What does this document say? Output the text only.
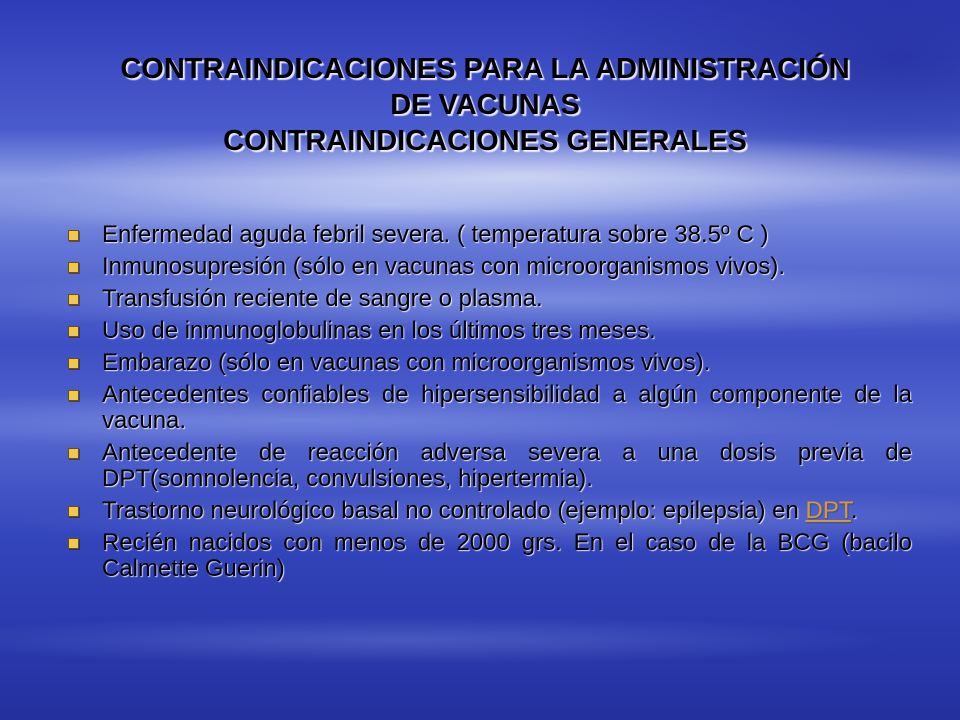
CONTRAINDICACIONES PARA LA ADMINISTRACIÓN
DE VACUNAS
CONTRAINDICACIONES GENERALES
Enfermedad aguda febril severa. ( temperatura sobre 38.5º C )
Inmunosupresión (sólo en vacunas con microorganismos vivos).
Transfusión reciente de sangre o plasma.
Uso de inmunoglobulinas en los últimos tres meses.
Embarazo (sólo en vacunas con microorganismos vivos).
Antecedentes confiables de hipersensibilidad a algún componente de la vacuna.
Antecedente de reacción adversa severa a una dosis previa de DPT(somnolencia, convulsiones, hipertermia).
Trastorno neurológico basal no controlado (ejemplo: epilepsia) en DPT.
Recién nacidos con menos de 2000 grs. En el caso de la BCG (bacilo Calmette Guerin)
